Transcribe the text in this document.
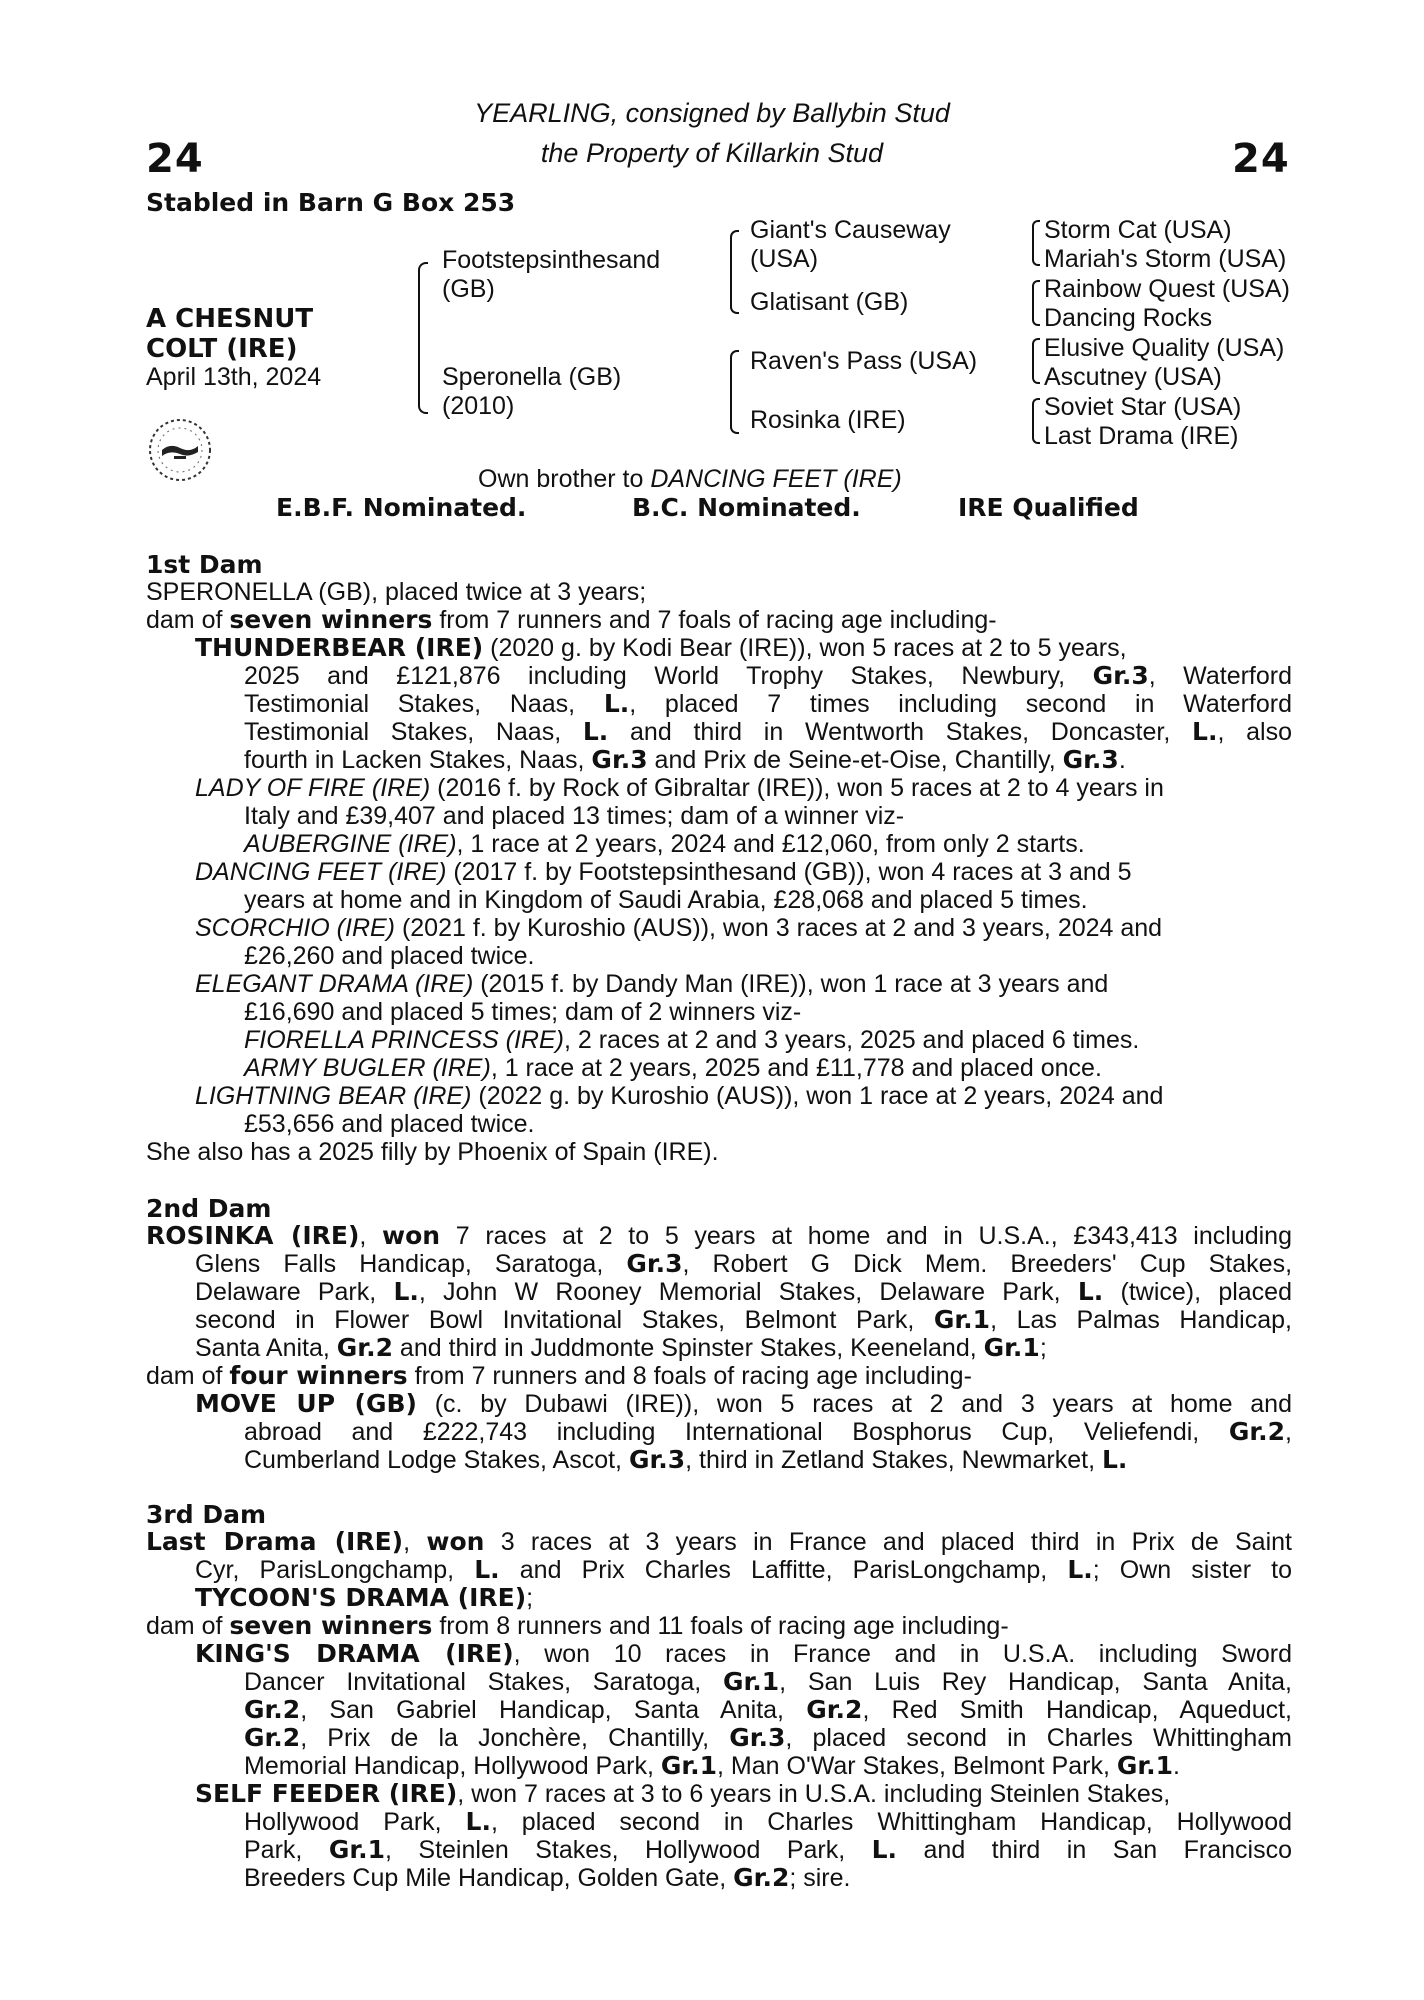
24	24
YEARLING, consigned by Ballybin Stud
the Property of Killarkin Stud
Stabled in Barn G Box 253
A CHESNUT
COLT (IRE)
April 13th, 2024
Footstepsinthesand
(GB)
Speronella (GB)
(2010)
Giant's Causeway
(USA)
Glatisant (GB)
Raven's Pass (USA)
Rosinka (IRE)
Storm Cat (USA)
Mariah's Storm (USA)
Rainbow Quest (USA)
Dancing Rocks
Elusive Quality (USA)
Ascutney (USA)
Soviet Star (USA)
Last Drama (IRE)
Own brother to DANCING FEET (IRE)
E.B.F. Nominated.	B.C. Nominated.	IRE Qualified
1st Dam
SPERONELLA (GB), placed twice at 3 years;
dam of seven winners from 7 runners and 7 foals of racing age including-
THUNDERBEAR (IRE) (2020 g. by Kodi Bear (IRE)), won 5 races at 2 to 5 years,
2025 and £121,876 including World Trophy Stakes, Newbury, Gr.3, Waterford
Testimonial Stakes, Naas, L., placed 7 times including second in Waterford
Testimonial Stakes, Naas, L. and third in Wentworth Stakes, Doncaster, L., also
fourth in Lacken Stakes, Naas, Gr.3 and Prix de Seine-et-Oise, Chantilly, Gr.3.
LADY OF FIRE (IRE) (2016 f. by Rock of Gibraltar (IRE)), won 5 races at 2 to 4 years in
Italy and £39,407 and placed 13 times; dam of a winner viz-
AUBERGINE (IRE), 1 race at 2 years, 2024 and £12,060, from only 2 starts.
DANCING FEET (IRE) (2017 f. by Footstepsinthesand (GB)), won 4 races at 3 and 5
years at home and in Kingdom of Saudi Arabia, £28,068 and placed 5 times.
SCORCHIO (IRE) (2021 f. by Kuroshio (AUS)), won 3 races at 2 and 3 years, 2024 and
£26,260 and placed twice.
ELEGANT DRAMA (IRE) (2015 f. by Dandy Man (IRE)), won 1 race at 3 years and
£16,690 and placed 5 times; dam of 2 winners viz-
FIORELLA PRINCESS (IRE), 2 races at 2 and 3 years, 2025 and placed 6 times.
ARMY BUGLER (IRE), 1 race at 2 years, 2025 and £11,778 and placed once.
LIGHTNING BEAR (IRE) (2022 g. by Kuroshio (AUS)), won 1 race at 2 years, 2024 and
£53,656 and placed twice.
She also has a 2025 filly by Phoenix of Spain (IRE).
2nd Dam
ROSINKA (IRE), won 7 races at 2 to 5 years at home and in U.S.A., £343,413 including
Glens Falls Handicap, Saratoga, Gr.3, Robert G Dick Mem. Breeders' Cup Stakes,
Delaware Park, L., John W Rooney Memorial Stakes, Delaware Park, L. (twice), placed
second in Flower Bowl Invitational Stakes, Belmont Park, Gr.1, Las Palmas Handicap,
Santa Anita, Gr.2 and third in Juddmonte Spinster Stakes, Keeneland, Gr.1;
dam of four winners from 7 runners and 8 foals of racing age including-
MOVE UP (GB) (c. by Dubawi (IRE)), won 5 races at 2 and 3 years at home and
abroad and £222,743 including International Bosphorus Cup, Veliefendi, Gr.2,
Cumberland Lodge Stakes, Ascot, Gr.3, third in Zetland Stakes, Newmarket, L.
3rd Dam
Last Drama (IRE), won 3 races at 3 years in France and placed third in Prix de Saint
Cyr, ParisLongchamp, L. and Prix Charles Laffitte, ParisLongchamp, L.; Own sister to
TYCOON'S DRAMA (IRE);
dam of seven winners from 8 runners and 11 foals of racing age including-
KING'S DRAMA (IRE), won 10 races in France and in U.S.A. including Sword
Dancer Invitational Stakes, Saratoga, Gr.1, San Luis Rey Handicap, Santa Anita,
Gr.2, San Gabriel Handicap, Santa Anita, Gr.2, Red Smith Handicap, Aqueduct,
Gr.2, Prix de la Jonchère, Chantilly, Gr.3, placed second in Charles Whittingham
Memorial Handicap, Hollywood Park, Gr.1, Man O'War Stakes, Belmont Park, Gr.1.
SELF FEEDER (IRE), won 7 races at 3 to 6 years in U.S.A. including Steinlen Stakes,
Hollywood Park, L., placed second in Charles Whittingham Handicap, Hollywood
Park, Gr.1, Steinlen Stakes, Hollywood Park, L. and third in San Francisco
Breeders Cup Mile Handicap, Golden Gate, Gr.2; sire.
